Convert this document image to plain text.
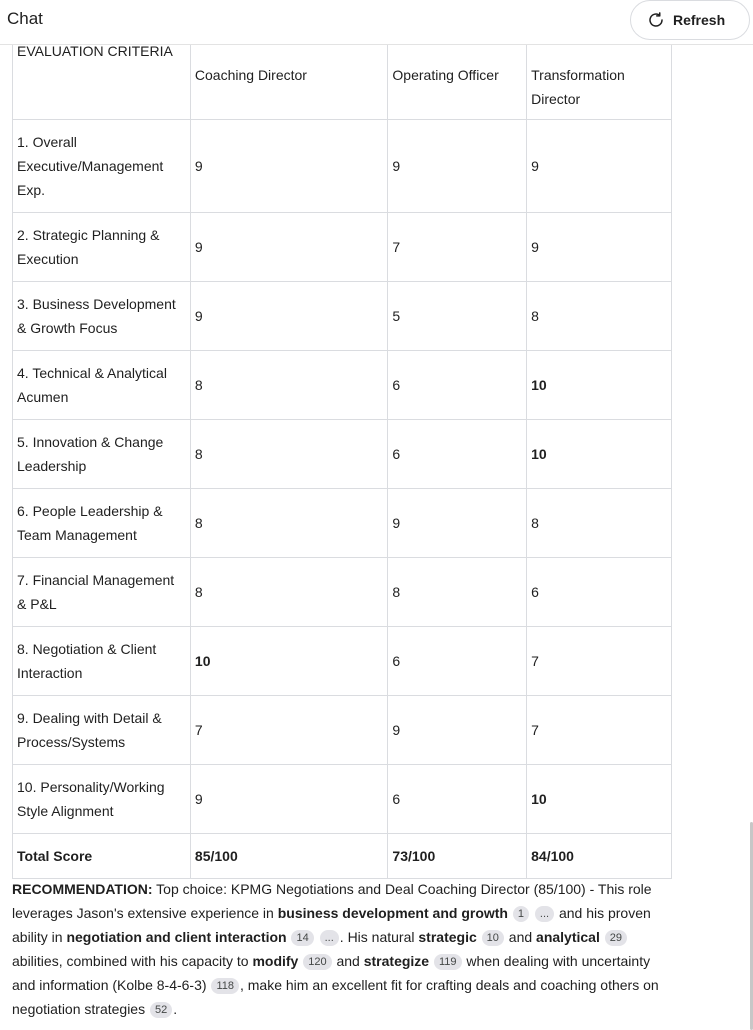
Chat	Refresh
EVALUATION CRITERIA	Coaching Director	Operating Officer	Transformation
Director

1. Overall Executive/Management Exp.	9	9	9
2. Strategic Planning & Execution	9	7	9
3. Business Development & Growth Focus	9	5	8
4. Technical & Analytical Acumen	8	6	10
5. Innovation & Change Leadership	8	6	10
6. People Leadership & Team Management	8	9	8
7. Financial Management & P&L	8	8	6
8. Negotiation & Client Interaction	10	6	7
9. Dealing with Detail & Process/Systems	7	9	7
10. Personality/Working Style Alignment	9	6	10
Total Score	85/100	73/100	84/100
RECOMMENDATION: Top choice: KPMG Negotiations and Deal Coaching Director (85/100) - This role leverages Jason's extensive experience in business development and growth 1 ... and his proven ability in negotiation and client interaction 14 ... . His natural strategic 10 and analytical 29 abilities, combined with his capacity to modify 120 and strategize 119 when dealing with uncertainty and information (Kolbe 8-4-6-3) 118 , make him an excellent fit for crafting deals and coaching others on negotiation strategies 52 .
